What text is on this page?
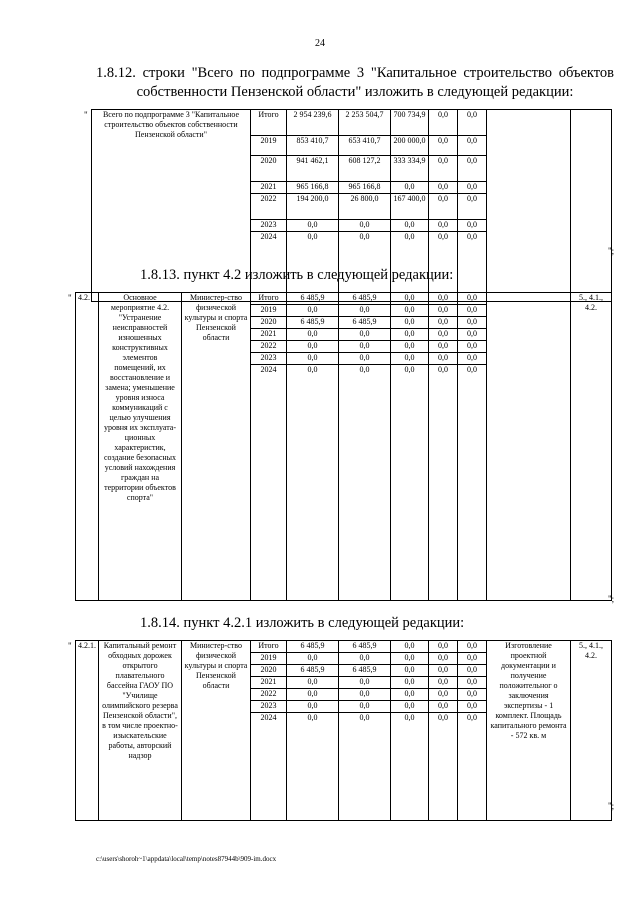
24
1.8.12. строки "Всего по подпрограмме 3 "Капитальное строительство объектов собственности Пензенской области" изложить в следующей редакции:
" Всего по подпрограмме 3 "Капитальное строительство объектов собственности Пензенской области"	Итого	2 954 239,6	2 253 504,7	700 734,9	0,0	0,0		
	2019	853 410,7	653 410,7	200 000,0	0,0	0,0		
	2020	941 462,1	608 127,2	333 334,9	0,0	0,0		
	2021	965 166,8	965 166,8	0,0	0,0	0,0		
	2022	194 200,0	26 800,0	167 400,0	0,0	0,0		
	2023	0,0	0,0	0,0	0,0	0,0		
	2024	0,0	0,0	0,0	0,0	0,0		
";
1.8.13. пункт 4.2 изложить в следующей редакции:
" 4.2.	Основное мероприятие 4.2. "Устранение неисправностей изношенных конструктивных элементов помещений, их восстановление и замена; уменьшение уровня износа коммуникаций с целью улучшения уровня их эксплуата-ционных характеристик, создание безопасных условий нахождения граждан на территории объектов спорта"	Министер-ство физической культуры и спорта Пензенской области	Итого	6 485,9	6 485,9	0,0	0,0	0,0		5., 4.1., 4.2.
			2019	0,0	0,0	0,0	0,0	0,0		
			2020	6 485,9	6 485,9	0,0	0,0	0,0		
			2021	0,0	0,0	0,0	0,0	0,0		
			2022	0,0	0,0	0,0	0,0	0,0		
			2023	0,0	0,0	0,0	0,0	0,0		
			2024	0,0	0,0	0,0	0,0	0,0		
";
1.8.14. пункт 4.2.1 изложить в следующей редакции:
" 4.2.1.	Капитальный ремонт обходных дорожек открытого плавательного бассейна ГАОУ ПО "Училище олимпийского резерва Пензенской области", в том числе проектно-изыскательские работы, авторский надзор	Министер-ство физической культуры и спорта Пензенской области	Итого	6 485,9	6 485,9	0,0	0,0	0,0	Изготовление проектной документации и получение положительног о заключения экспертизы - 1 комплект. Площадь капитального ремонта - 572 кв. м	5., 4.1., 4.2.
			2019	0,0	0,0	0,0	0,0	0,0		
			2020	6 485,9	6 485,9	0,0	0,0	0,0		
			2021	0,0	0,0	0,0	0,0	0,0		
			2022	0,0	0,0	0,0	0,0	0,0		
			2023	0,0	0,0	0,0	0,0	0,0		
			2024	0,0	0,0	0,0	0,0	0,0		
";
c:\users\shoroh~1\appdata\local\temp\notes87944b\909-im.docx
